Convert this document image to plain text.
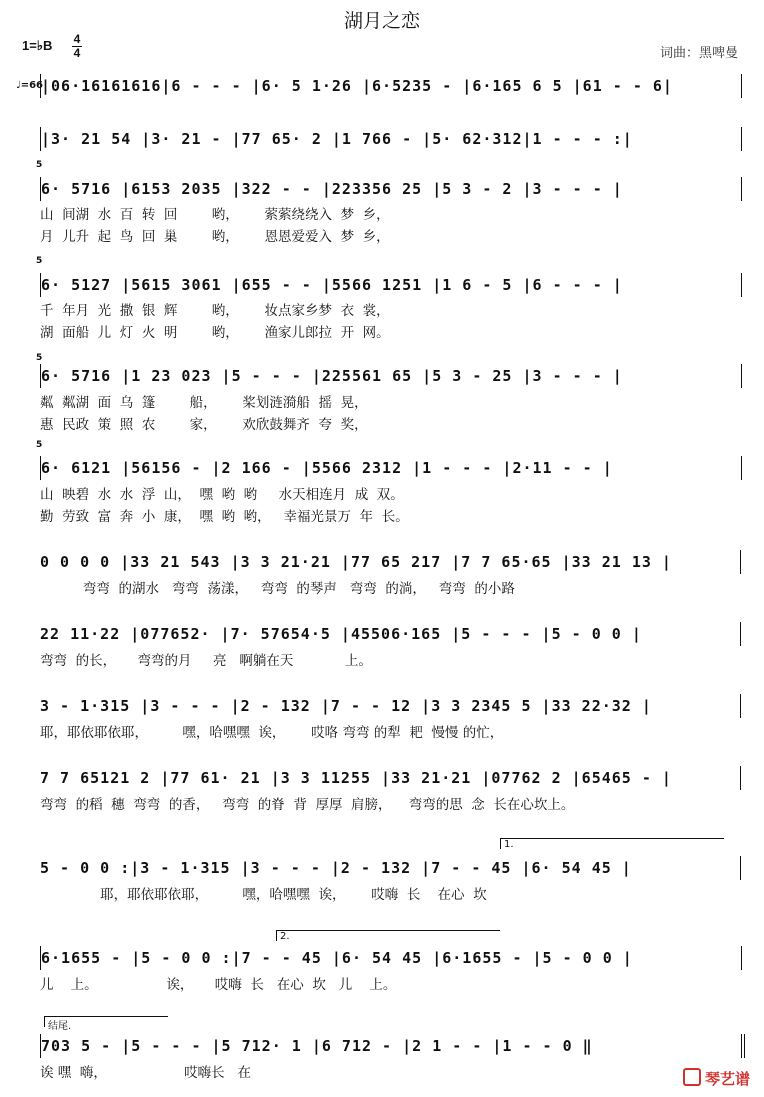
湖月之恋
1=♭B 4
4	词曲：黑啤曼
♩=66
|06·16161616|6 - - - |6· 5 1·26 |6·5235 - |6·165 6 5 |61 - - 6|
|3· 21 54 |3· 21 - |77 65· 2 |1 766 - |5· 62·312|1 - - - :|
5
6· 5716 |6153 2035 |322 - - |223356 25 |5 3 - 2 |3 - - - |
山  间湖  水  百  转  回        哟，      萦萦绕绕入  梦  乡，
月  儿升  起  鸟  回  巢        哟，      恩恩爱爱入  梦  乡，
5
6· 5127 |5615 3061 |655 - - |5566 1251 |1 6 - 5 |6 - - - |
千  年月  光  撒  银  辉        哟，      妆点家乡梦  衣  裳，
湖  面船  儿  灯  火  明        哟，      渔家儿郎拉  开  网。
5
6· 5716 |1 23 023 |5 - - - |225561 65 |5 3 - 25 |3 - - - |
粼  粼湖  面  乌  篷        船，      桨划涟漪船  摇  晃，
惠  民政  策  照  农        家，      欢欣鼓舞齐  夸  奖，
5
6· 6121 |56156 - |2 166 - |5566 2312 |1 - - - |2·11 - - |
山  映碧  水  水  浮  山，  嘿  哟  哟     水天相连月  成  双。
勤  劳致  富  奔  小  康，  嘿  哟  哟，   幸福光景万  年  长。
0 0 0 0 |33 21 543 |3 3 21·21 |77 65 217 |7 7 65·65 |33 21 13 |
弯弯  的湖水   弯弯  荡漾，   弯弯  的琴声   弯弯  的淌，   弯弯  的小路
22 11·22 |077652· |7· 57654·5 |45506·165 |5 - - - |5 - 0 0 |
弯弯  的长，     弯弯的月     亮   啊躺在天            上。
3 - 1·315 |3 - - - |2 - 132 |7 - - 12 |3 3 2345 5 |33 22·32 |
耶，耶依耶依耶，        嘿，哈嘿嘿  诶，      哎咯 弯弯 的犁  耙  慢慢 的忙，
7 7 65121 2 |77 61· 21 |3 3 11255 |33 21·21 |07762 2 |65465 - |
弯弯  的稻  穗  弯弯  的香，   弯弯  的脊  背  厚厚  肩膀，    弯弯的思  念  长在心坎上。
1.
5 - 0 0 :|3 - 1·315 |3 - - - |2 - 132 |7 - - 45 |6· 54 45 |
耶，耶依耶依耶，        嘿，哈嘿嘿  诶，      哎嗨  长    在心  坎
2.
6·1655 - |5 - 0 0 :|7 - - 45 |6· 54 45 |6·1655 - |5 - 0 0 |
儿    上。                诶，     哎嗨  长   在心  坎   儿    上。
结尾.
703 5 - |5 - - - |5 712· 1 |6 712 - |2 1 - - |1 - - 0 ‖
诶 嘿  嗨，                  哎嗨长   在	琴艺谱
